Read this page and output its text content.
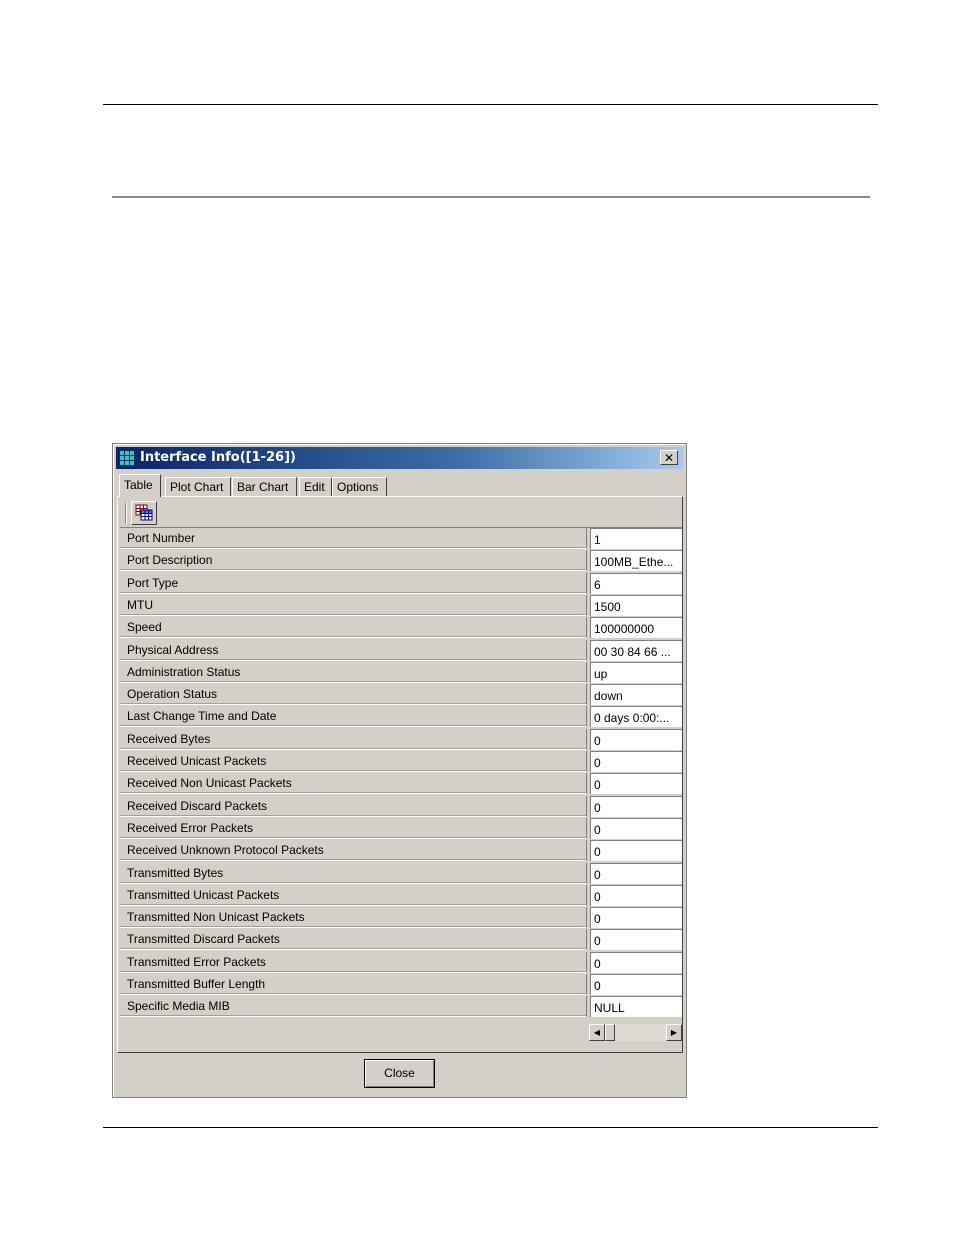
Interface Info([1-26])	✕
Table	Plot Chart	Bar Chart	Edit	Options
◀	▶
Port Number	1
Port Description	100MB_Ethe...
Port Type	6
MTU	1500
Speed	100000000
Physical Address	00 30 84 66 ...
Administration Status	up
Operation Status	down
Last Change Time and Date	0 days 0:00:...
Received Bytes	0
Received Unicast Packets	0
Received Non Unicast Packets	0
Received Discard Packets	0
Received Error Packets	0
Received Unknown Protocol Packets	0
Transmitted Bytes	0
Transmitted Unicast Packets	0
Transmitted Non Unicast Packets	0
Transmitted Discard Packets	0
Transmitted Error Packets	0
Transmitted Buffer Length	0
Specific Media MIB	NULL
Close
